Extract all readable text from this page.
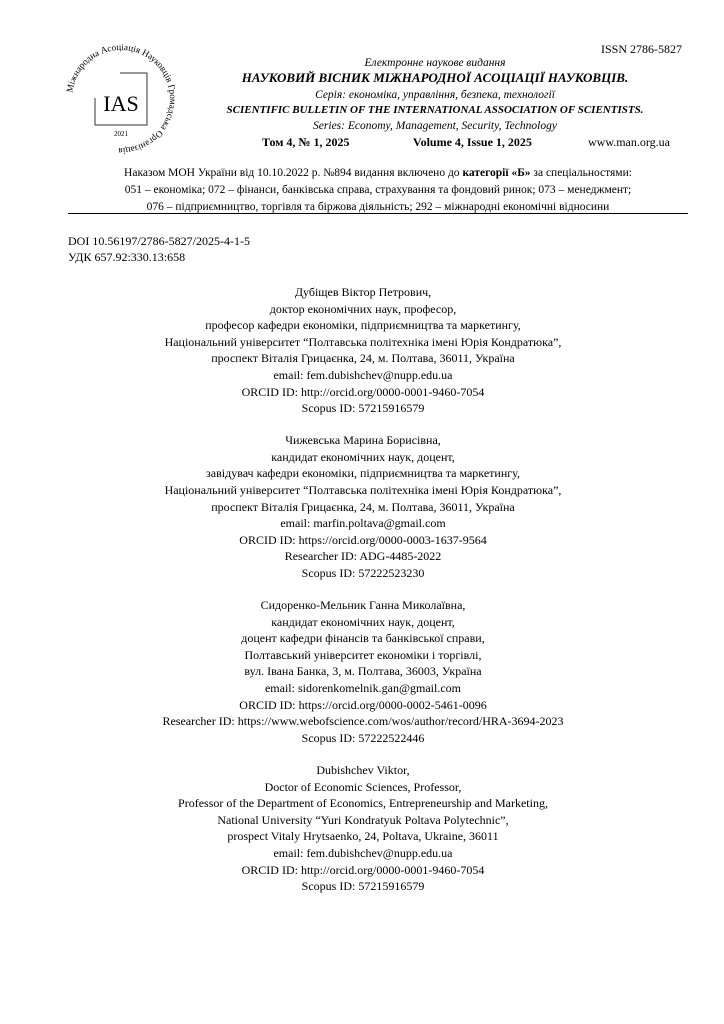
ISSN 2786-5827
Міжнародна Асоціація Науковців Громадська Організація
IAS
2021
Електронне наукове видання
НАУКОВИЙ ВІСНИК МІЖНАРОДНОЇ АСОЦІАЦІЇ НАУКОВЦІВ.
Серія: економіка, управління, безпека, технології
SCIENTIFIC BULLETIN OF THE INTERNATIONAL ASSOCIATION OF SCIENTISTS.
Series: Economy, Management, Security, Technology
Том 4, № 1, 2025	Volume 4, Issue 1, 2025	www.man.org.ua
Наказом МОН України від 10.10.2022 р. №894 видання включено до категорії «Б» за спеціальностями:
051 – економіка; 072 – фінанси, банківська справа, страхування та фондовий ринок; 073 – менеджмент;
076 – підприємництво, торгівля та біржова діяльність; 292 – міжнародні економічні відносини
DOI 10.56197/2786-5827/2025-4-1-5
УДК 657.92:330.13:658
Дубіщев Віктор Петрович,
доктор економічних наук, професор,
професор кафедри економіки, підприємництва та маркетингу,
Національний університет “Полтавська політехніка імені Юрія Кондратюка”,
проспект Віталія Грицаєнка, 24, м. Полтава, 36011, Україна
email: fem.dubishchev@nupp.edu.ua
ORCID ID: http://orcid.org/0000-0001-9460-7054
Scopus ID: 57215916579
Чижевська Марина Борисівна,
кандидат економічних наук, доцент,
завідувач кафедри економіки, підприємництва та маркетингу,
Національний університет “Полтавська політехніка імені Юрія Кондратюка”,
проспект Віталія Грицаєнка, 24, м. Полтава, 36011, Україна
email: marfin.poltava@gmail.com
ORCID ID: https://orcid.org/0000-0003-1637-9564
Researcher ID: ADG-4485-2022
Scopus ID: 57222523230
Сидоренко-Мельник Ганна Миколаївна,
кандидат економічних наук, доцент,
доцент кафедри фінансів та банківської справи,
Полтавський університет економіки і торгівлі,
вул. Івана Банка, 3, м. Полтава, 36003, Україна
email: sidorenkomelnik.gan@gmail.com
ORCID ID: https://orcid.org/0000-0002-5461-0096
Researcher ID: https://www.webofscience.com/wos/author/record/HRA-3694-2023
Scopus ID: 57222522446
Dubishchev Viktor,
Doctor of Economic Sciences, Professor,
Professor of the Department of Economics, Entrepreneurship and Marketing,
National University “Yuri Kondratyuk Poltava Polytechnic”,
prospect Vitaly Hrytsaenko, 24, Poltava, Ukraine, 36011
email: fem.dubishchev@nupp.edu.ua
ORCID ID: http://orcid.org/0000-0001-9460-7054
Scopus ID: 57215916579
